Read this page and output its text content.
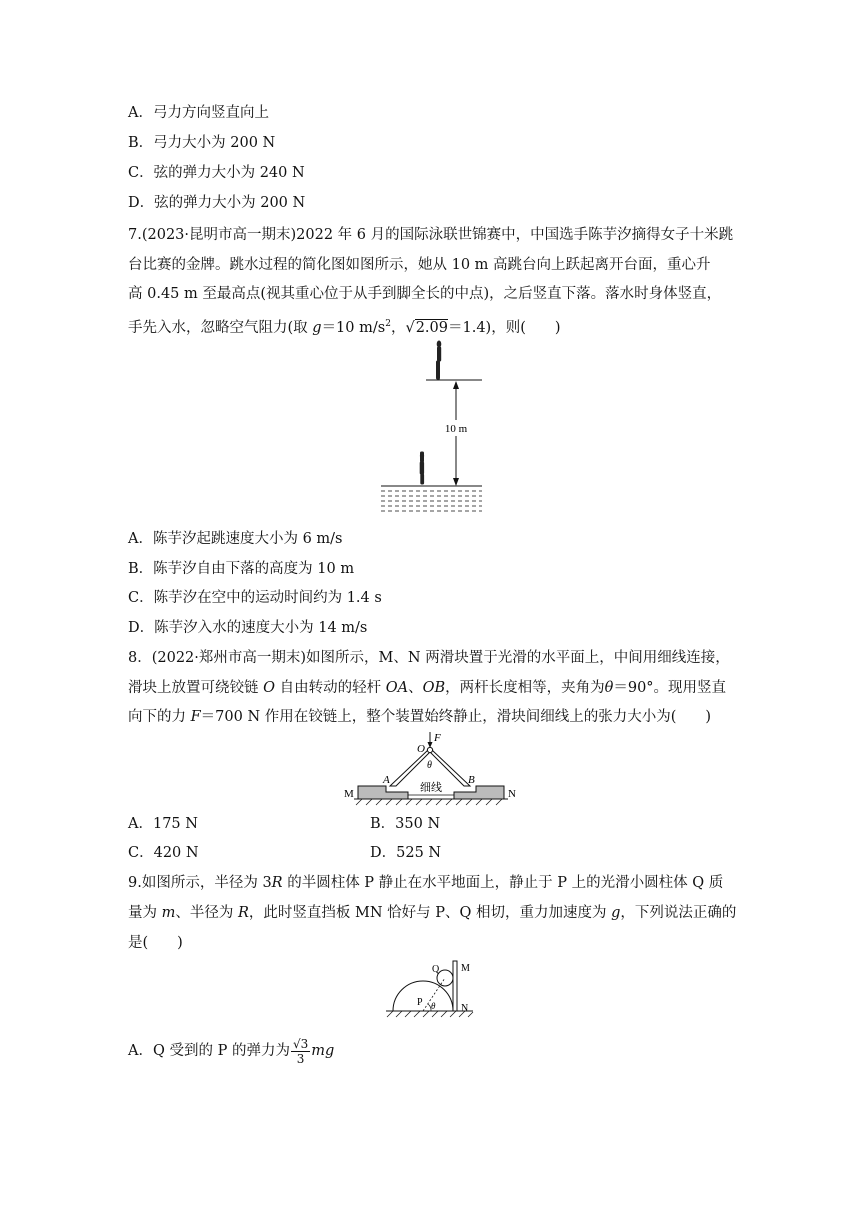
A．弓力方向竖直向上
B．弓力大小为 200 N
C．弦的弹力大小为 240 N
D．弦的弹力大小为 200 N
7.(2023·昆明市高一期末)2022 年 6 月的国际泳联世锦赛中，中国选手陈芋汐摘得女子十米跳
台比赛的金牌。跳水过程的简化图如图所示，她从 10 m 高跳台向上跃起离开台面，重心升
高 0.45 m 至最高点(视其重心位于从手到脚全长的中点)，之后竖直下落。落水时身体竖直，
手先入水，忽略空气阻力(取 g＝10 $m/s^2$，√2.09＝1.4)，则(　　)
10 m
A．陈芋汐起跳速度大小为 6 m/s
B．陈芋汐自由下落的高度为 10 m
C．陈芋汐在空中的运动时间约为 1.4 s
D．陈芋汐入水的速度大小为 14 m/s
8．(2022·郑州市高一期末)如图所示，M、N 两滑块置于光滑的水平面上，中间用细线连接，
滑块上放置可绕铰链 O 自由转动的轻杆 OA、OB，两杆长度相等，夹角为θ＝90°。现用竖直
向下的力 F＝700 N 作用在铰链上，整个装置始终静止，滑块间细线上的张力大小为(　　)
F
O
θ
A	B
细线
M	N
A．175 N	B．350 N
C．420 N	D．525 N
9.如图所示，半径为 3R 的半圆柱体 P 静止在水平地面上，静止于 P 上的光滑小圆柱体 Q 质
量为 m、半径为 R，此时竖直挡板 MN 恰好与 P、Q 相切，重力加速度为 g，下列说法正确的
是(　　)
M
N
Q
P θ
A．Q 受到的 P 的弹力为 $\frac{√3}{3}$ mg
